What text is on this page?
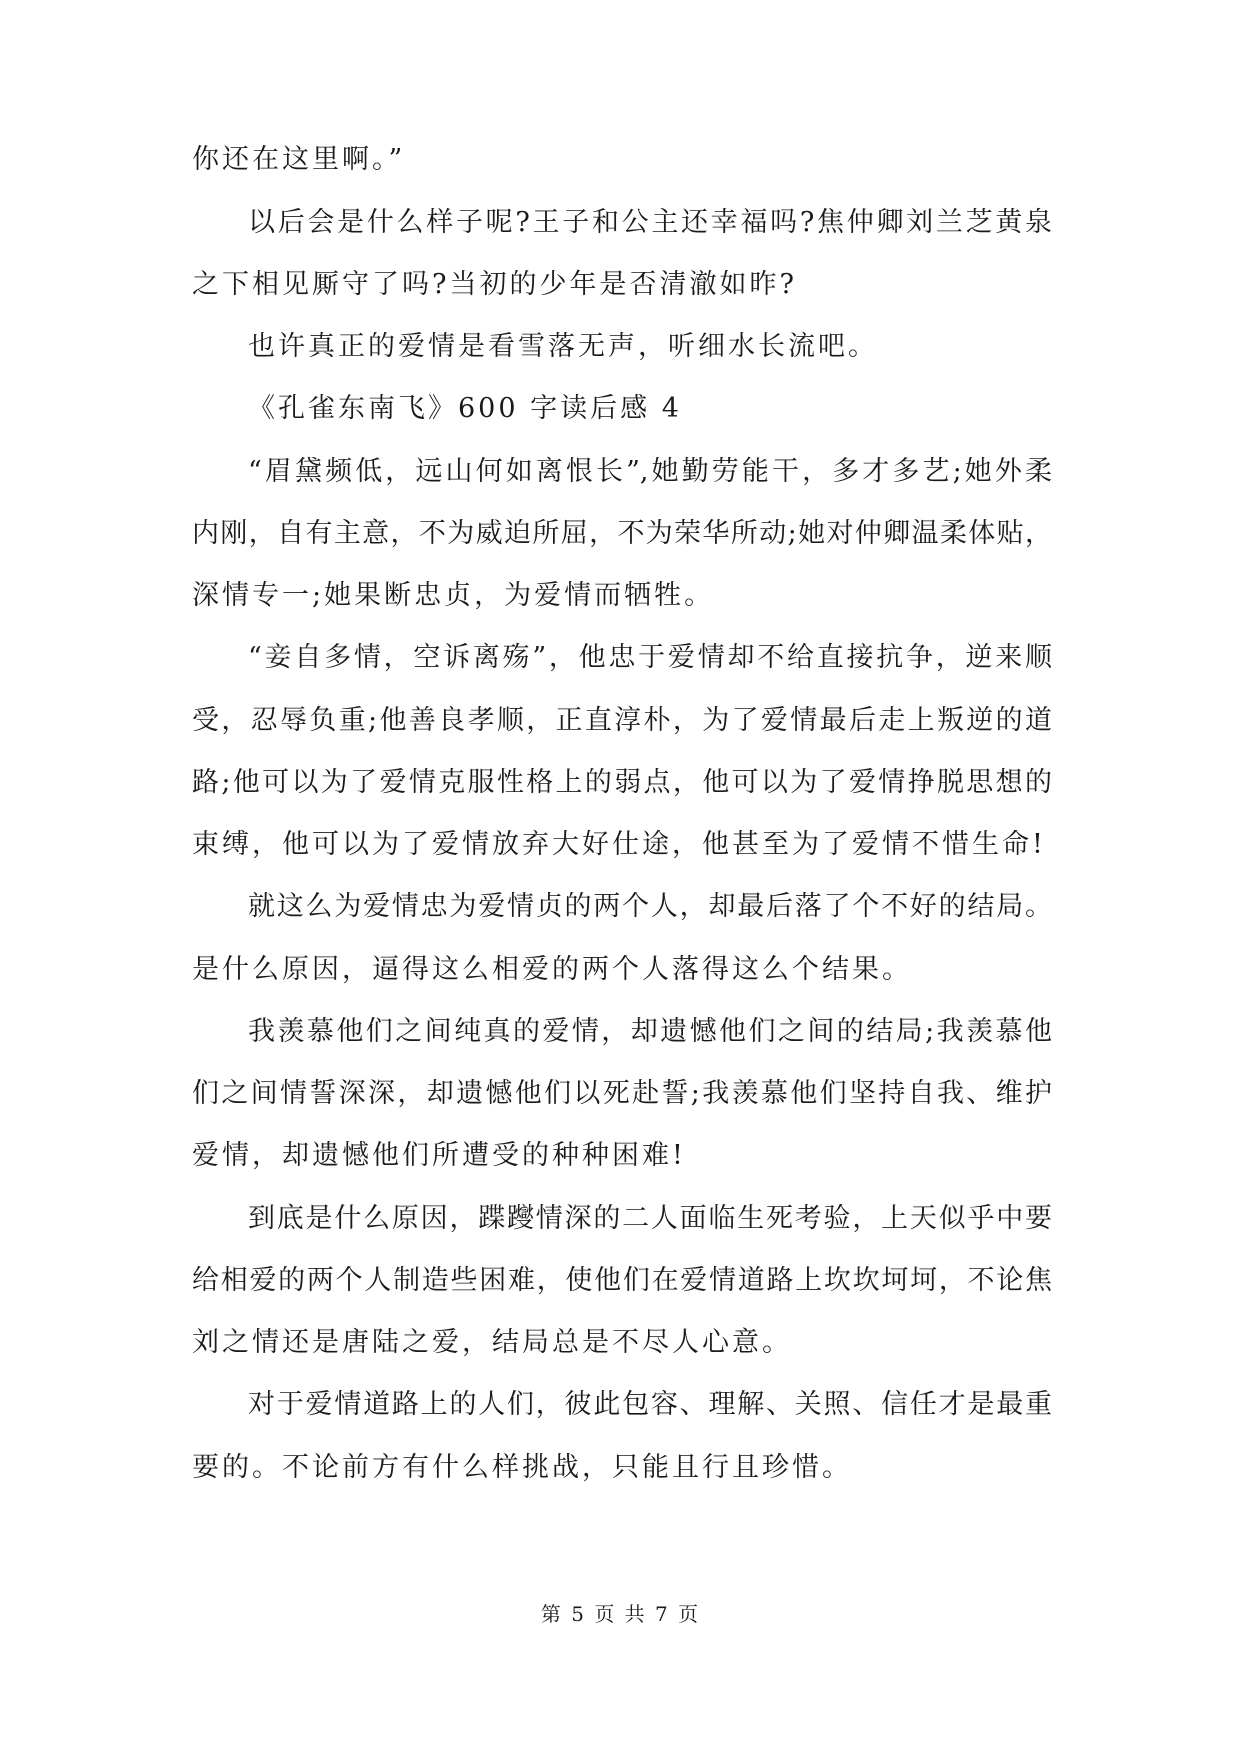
你还在这里啊。”
以后会是什么样子呢?王子和公主还幸福吗?焦仲卿刘兰芝黄泉
之下相见厮守了吗?当初的少年是否清澈如昨?
也许真正的爱情是看雪落无声，听细水长流吧。
《孔雀东南飞》600 字读后感 4
“眉黛频低，远山何如离恨长”,她勤劳能干，多才多艺;她外柔
内刚，自有主意，不为威迫所屈，不为荣华所动;她对仲卿温柔体贴，
深情专一;她果断忠贞，为爱情而牺牲。
“妾自多情，空诉离殇”，他忠于爱情却不给直接抗争，逆来顺
受，忍辱负重;他善良孝顺，正直淳朴，为了爱情最后走上叛逆的道
路;他可以为了爱情克服性格上的弱点，他可以为了爱情挣脱思想的
束缚，他可以为了爱情放弃大好仕途，他甚至为了爱情不惜生命!
就这么为爱情忠为爱情贞的两个人，却最后落了个不好的结局。
是什么原因，逼得这么相爱的两个人落得这么个结果。
我羡慕他们之间纯真的爱情，却遗憾他们之间的结局;我羡慕他
们之间情誓深深，却遗憾他们以死赴誓;我羡慕他们坚持自我、维护
爱情，却遗憾他们所遭受的种种困难!
到底是什么原因，蹀躞情深的二人面临生死考验，上天似乎中要
给相爱的两个人制造些困难，使他们在爱情道路上坎坎坷坷，不论焦
刘之情还是唐陆之爱，结局总是不尽人心意。
对于爱情道路上的人们，彼此包容、理解、关照、信任才是最重
要的。不论前方有什么样挑战，只能且行且珍惜。
第 5 页 共 7 页
